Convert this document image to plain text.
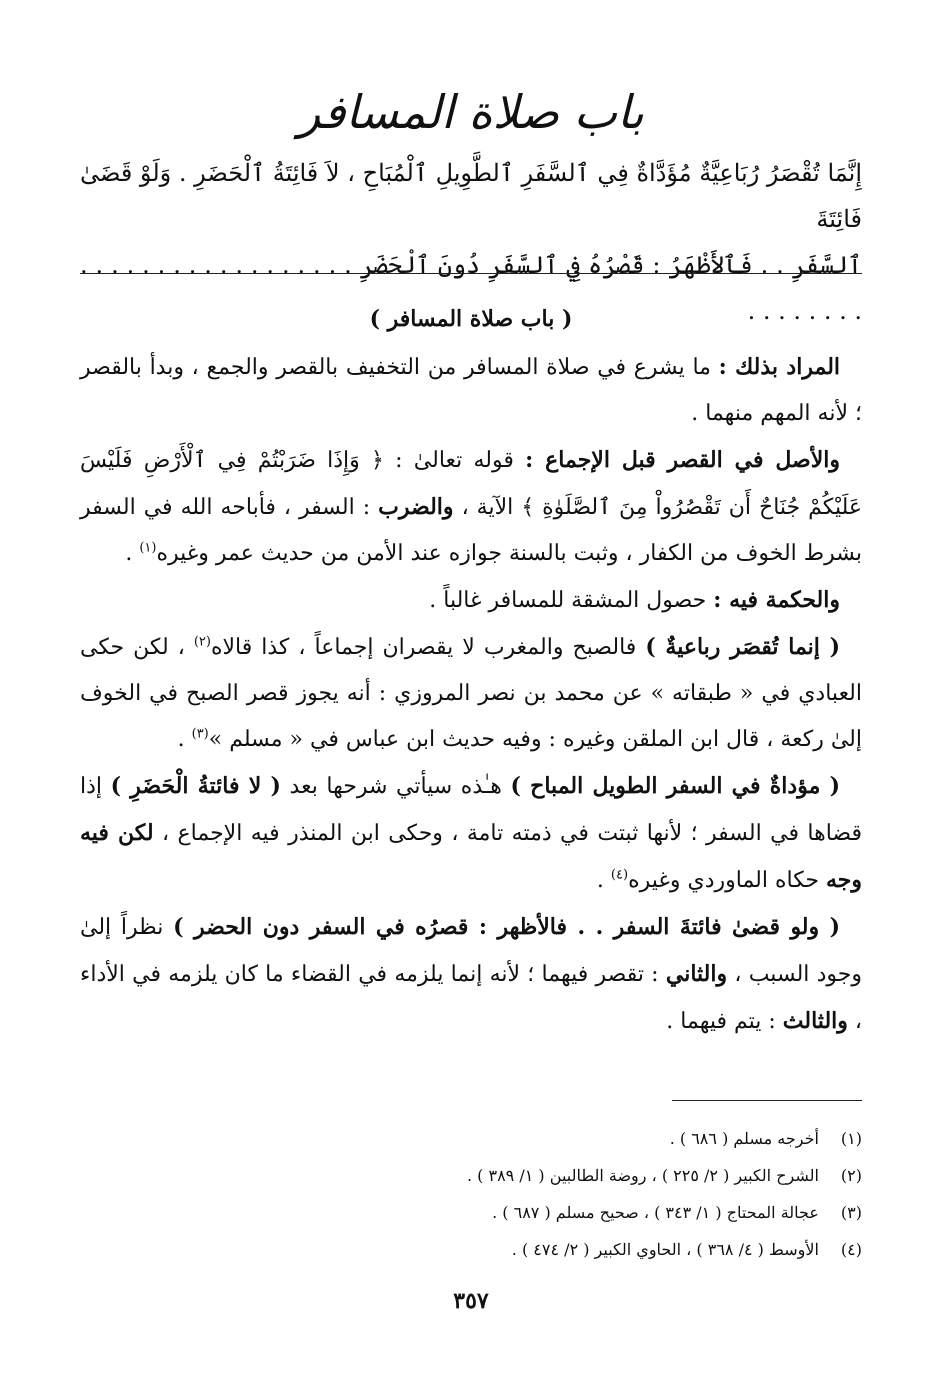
باب صلاة المسافر

إِنَّمَا تُقْصَرُ رُبَاعِيَّةٌ مُؤَدَّاةٌ فِي ٱلسَّفَرِ ٱلطَّوِيلِ ٱلْمُبَاحِ ، لاَ فَائِتَةُ ٱلْحَضَرِ . وَلَوْ قَضَىٰ فَائِتَةَ

ٱلسَّفَرِ . . فَٱلأَظْهَرُ : قَصْرُهُ فِي ٱلسَّفَرِ دُونَ ٱلْحَضَرِ . . . . . . . . . . . . . . . . . . . . . . . . . .

( باب صلاة المسافر )

المراد بذلك : ما يشرع في صلاة المسافر من التخفيف بالقصر والجمع ، وبدأ بالقصر ؛ لأنه المهم منهما .

والأصل في القصر قبل الإجماع : قوله تعالىٰ : ﴿ وَإِذَا ضَرَبْتُمْ فِي ٱلْأَرْضِ فَلَيْسَ عَلَيْكُمْ جُنَاحٌ أَن تَقْصُرُواْ مِنَ ٱلصَّلَوٰةِ ﴾ الآية ، والضرب : السفر ، فأباحه الله في السفر بشرط الخوف من الكفار ، وثبت بالسنة جوازه عند الأمن من حديث عمر وغيره$^{(١)}$ .

والحكمة فيه : حصول المشقة للمسافر غالباً .

( إنما تُقصَر رباعيةٌ ) فالصبح والمغرب لا يقصران إجماعاً ، كذا قالاه$^{(٢)}$ ، لكن حكى العبادي في « طبقاته » عن محمد بن نصر المروزي : أنه يجوز قصر الصبح في الخوف إلىٰ ركعة ، قال ابن الملقن وغيره : وفيه حديث ابن عباس في « مسلم »$^{(٣)}$ .

( مؤداةٌ في السفر الطويل المباح ) هـٰذه سيأتي شرحها بعد ( لا فائتةُ الْحَضَرِ ) إذا قضاها في السفر ؛ لأنها ثبتت في ذمته تامة ، وحكى ابن المنذر فيه الإجماع ، لكن فيه وجه حكاه الماوردي وغيره$^{(٤)}$ .

( ولو قضىٰ فائتةَ السفر . . فالأظهر : قصرُه في السفر دون الحضر ) نظراً إلىٰ وجود السبب ، والثاني : تقصر فيهما ؛ لأنه إنما يلزمه في القضاء ما كان يلزمه في الأداء ، والثالث : يتم فيهما .

(١) أخرجه مسلم ( ٦٨٦ ) .

(٢) الشرح الكبير ( ٢/ ٢٢٥ ) ، روضة الطالبين ( ١/ ٣٨٩ ) .

(٣) عجالة المحتاج ( ١/ ٣٤٣ ) ، صحيح مسلم ( ٦٨٧ ) .

(٤) الأوسط ( ٤/ ٣٦٨ ) ، الحاوي الكبير ( ٢/ ٤٧٤ ) .

٣٥٧
